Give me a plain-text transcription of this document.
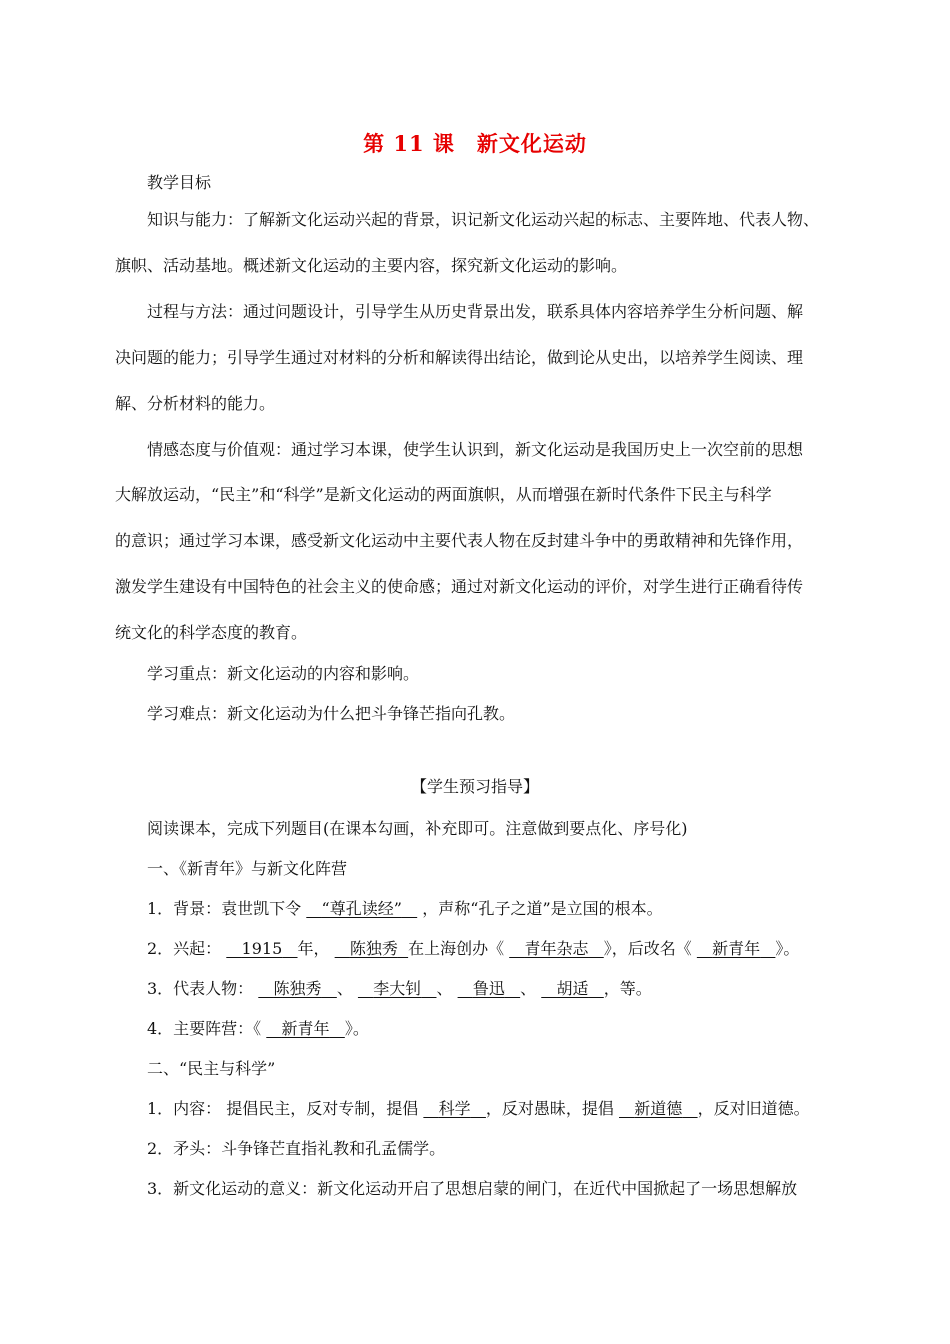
第 11 课　新文化运动
教学目标
知识与能力：了解新文化运动兴起的背景，识记新文化运动兴起的标志、主要阵地、代表人物、
旗帜、活动基地。概述新文化运动的主要内容，探究新文化运动的影响。
过程与方法：通过问题设计，引导学生从历史背景出发，联系具体内容培养学生分析问题、解
决问题的能力；引导学生通过对材料的分析和解读得出结论，做到论从史出，以培养学生阅读、理
解、分析材料的能力。
情感态度与价值观：通过学习本课，使学生认识到，新文化运动是我国历史上一次空前的思想
大解放运动，“民主”和“科学”是新文化运动的两面旗帜，从而增强在新时代条件下民主与科学
的意识；通过学习本课，感受新文化运动中主要代表人物在反封建斗争中的勇敢精神和先锋作用，
激发学生建设有中国特色的社会主义的使命感；通过对新文化运动的评价，对学生进行正确看待传
统文化的科学态度的教育。
学习重点：新文化运动的内容和影响。
学习难点：新文化运动为什么把斗争锋芒指向孔教。
【学生预习指导】
阅读课本，完成下列题目(在课本勾画，补充即可。注意做到要点化、序号化)
一、《新青年》与新文化阵营
1．背景：袁世凯下令 “尊孔读经” ，声称“孔子之道”是立国的根本。
2．兴起： 1915 年， 陈独秀 在上海创办《 青年杂志 》，后改名《 新青年 》。
3．代表人物： 陈独秀 、 李大钊 、 鲁迅 、 胡适 ，等。
4．主要阵营：《 新青年 》。
二、“民主与科学”
1．内容： 提倡民主，反对专制，提倡 科学 ，反对愚昧，提倡 新道德 ，反对旧道德。
2．矛头：斗争锋芒直指礼教和孔孟儒学。
3．新文化运动的意义：新文化运动开启了思想启蒙的闸门，在近代中国掀起了一场思想解放
